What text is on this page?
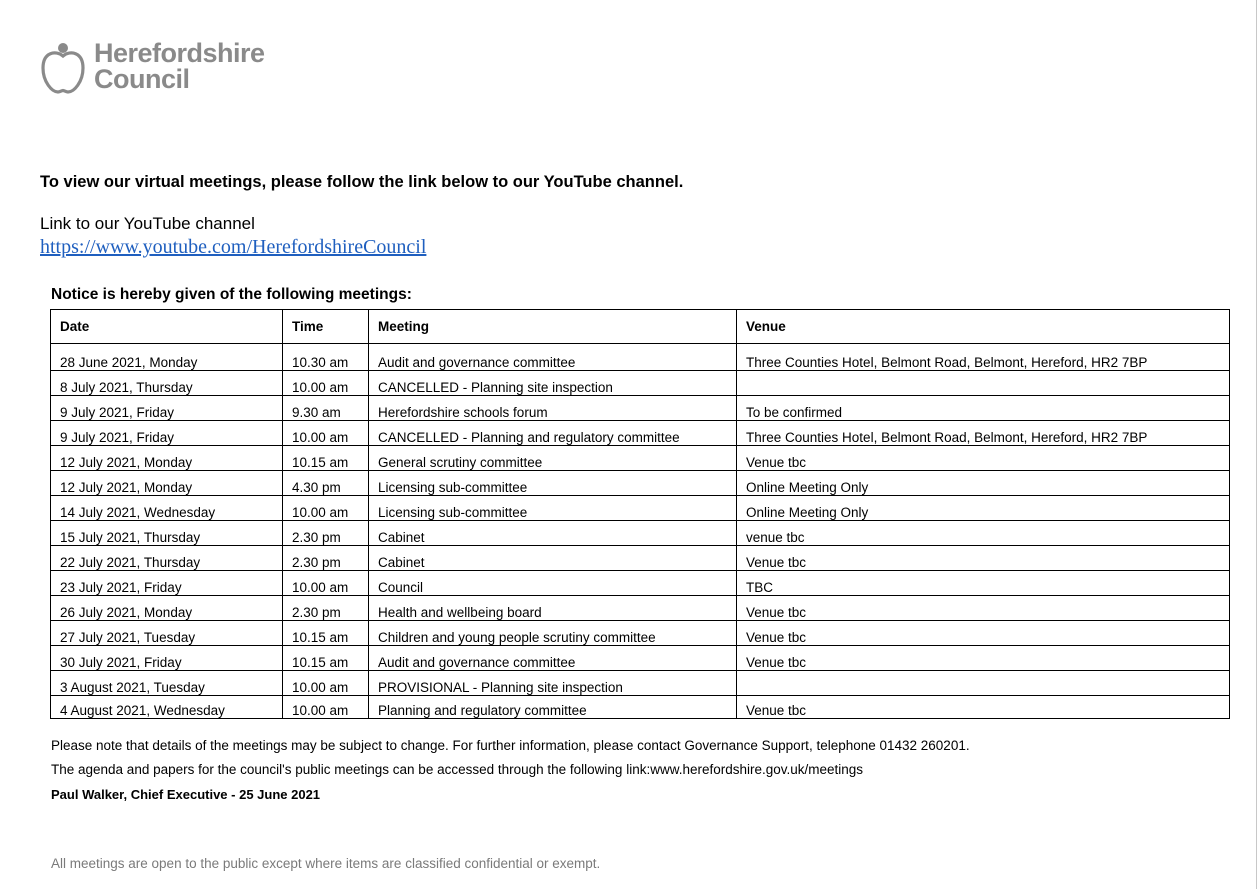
Herefordshire
Council
To view our virtual meetings, please follow the link below to our YouTube channel.
Link to our YouTube channel
https://www.youtube.com/HerefordshireCouncil
Notice is hereby given of the following meetings:
Date	Time	Meeting	Venue
28 June 2021, Monday	10.30 am	Audit and governance committee	Three Counties Hotel, Belmont Road, Belmont, Hereford, HR2 7BP
8 July 2021, Thursday	10.00 am	CANCELLED - Planning site inspection	
9 July 2021, Friday	9.30 am	Herefordshire schools forum	To be confirmed
9 July 2021, Friday	10.00 am	CANCELLED - Planning and regulatory committee	Three Counties Hotel, Belmont Road, Belmont, Hereford, HR2 7BP
12 July 2021, Monday	10.15 am	General scrutiny committee	Venue tbc
12 July 2021, Monday	4.30 pm	Licensing sub-committee	Online Meeting Only
14 July 2021, Wednesday	10.00 am	Licensing sub-committee	Online Meeting Only
15 July 2021, Thursday	2.30 pm	Cabinet	venue tbc
22 July 2021, Thursday	2.30 pm	Cabinet	Venue tbc
23 July 2021, Friday	10.00 am	Council	TBC
26 July 2021, Monday	2.30 pm	Health and wellbeing board	Venue tbc
27 July 2021, Tuesday	10.15 am	Children and young people scrutiny committee	Venue tbc
30 July 2021, Friday	10.15 am	Audit and governance committee	Venue tbc
3 August 2021, Tuesday	10.00 am	PROVISIONAL - Planning site inspection	
4 August 2021, Wednesday	10.00 am	Planning and regulatory committee	Venue tbc
Please note that details of the meetings may be subject to change. For further information, please contact Governance Support, telephone 01432 260201.
The agenda and papers for the council's public meetings can be accessed through the following link:www.herefordshire.gov.uk/meetings
Paul Walker, Chief Executive - 25 June 2021
All meetings are open to the public except where items are classified confidential or exempt.
